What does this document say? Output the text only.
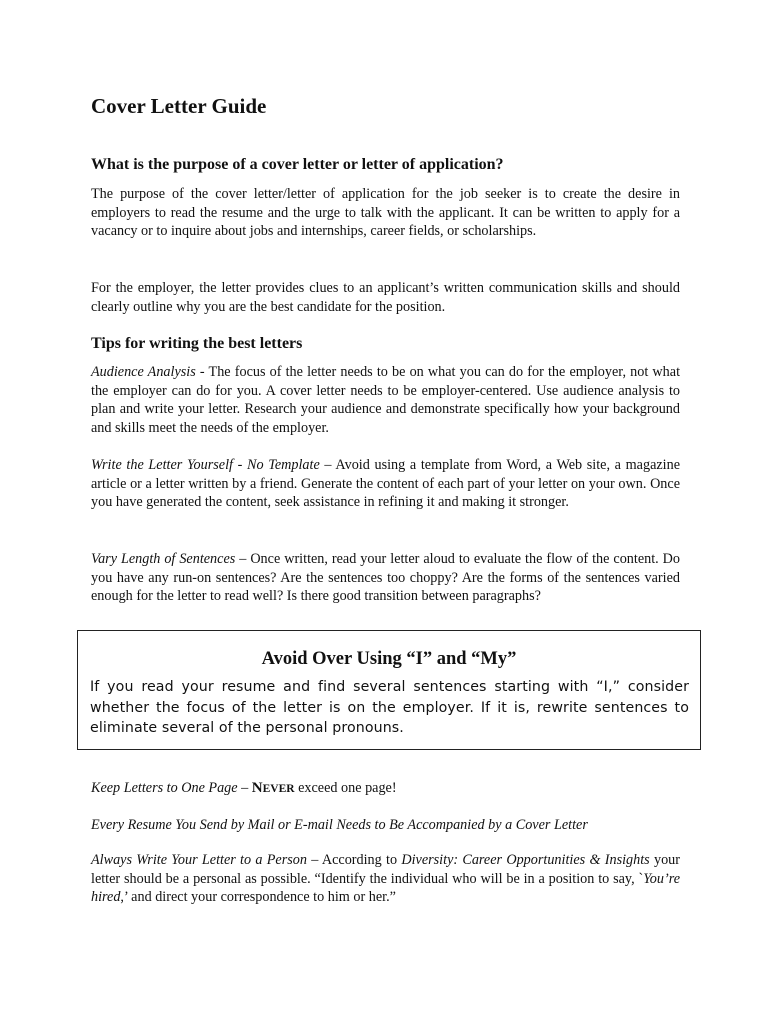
Cover Letter Guide
What is the purpose of a cover letter or letter of application?

The purpose of the cover letter/letter of application for the job seeker is to create the desire in employers to read the resume and the urge to talk with the applicant. It can be written to apply for a vacancy or to inquire about jobs and internships, career fields, or scholarships.

For the employer, the letter provides clues to an applicant’s written communication skills and should clearly outline why you are the best candidate for the position.

Tips for writing the best letters

Audience Analysis - The focus of the letter needs to be on what you can do for the employer, not what the employer can do for you. A cover letter needs to be employer-centered. Use audience analysis to plan and write your letter. Research your audience and demonstrate specifically how your background and skills meet the needs of the employer.

Write the Letter Yourself - No Template – Avoid using a template from Word, a Web site, a magazine article or a letter written by a friend. Generate the content of each part of your letter on your own. Once you have generated the content, seek assistance in refining it and making it stronger.

Vary Length of Sentences – Once written, read your letter aloud to evaluate the flow of the content. Do you have any run-on sentences? Are the sentences too choppy? Are the forms of the sentences varied enough for the letter to read well? Is there good transition between paragraphs?

Avoid Over Using “I” and “My”

If you read your resume and find several sentences starting with “I,” consider whether the focus of the letter is on the employer. If it is, rewrite sentences to eliminate several of the personal pronouns.

Keep Letters to One Page – NEVER exceed one page!

Every Resume You Send by Mail or E-mail Needs to Be Accompanied by a Cover Letter

Always Write Your Letter to a Person – According to Diversity: Career Opportunities & Insights your letter should be a personal as possible. “Identify the individual who will be in a position to say, `You’re hired,’ and direct your correspondence to him or her.”
